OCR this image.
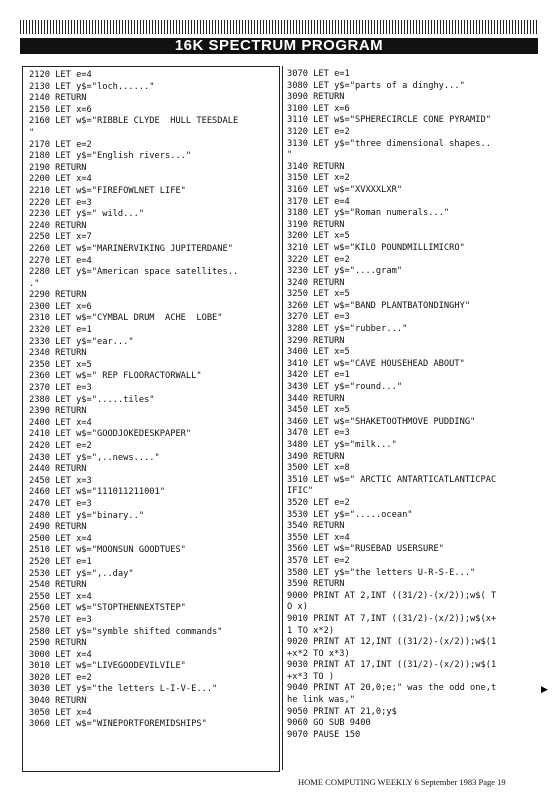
16K SPECTRUM PROGRAM
2120 LET e=4
2130 LET y$="loch......"
2140 RETURN
2150 LET x=6
2160 LET w$="RIBBLE CLYDE  HULL TEESDALE
"
2170 LET e=2
2180 LET y$="English rivers..."
2190 RETURN
2200 LET x=4
2210 LET w$="FIREFOWLNET LIFE"
2220 LET e=3
2230 LET y$=" wild..."
2240 RETURN
2250 LET x=7
2260 LET w$="MARINERVIKING JUPITERDANE"
2270 LET e=4
2280 LET y$="American space satellites..
."
2290 RETURN
2300 LET x=6
2310 LET w$="CYMBAL DRUM  ACHE  LOBE"
2320 LET e=1
2330 LET y$="ear..."
2340 RETURN
2350 LET x=5
2360 LET w$=" REP FLOORACTORWALL"
2370 LET e=3
2380 LET y$=".....tiles"
2390 RETURN
2400 LET x=4
2410 LET w$="GOODJOKEDESKPAPER"
2420 LET e=2
2430 LET y$=",..news...."
2440 RETURN
2450 LET x=3
2460 LET w$="111011211001"
2470 LET e=3
2480 LET y$="binary.."
2490 RETURN
2500 LET x=4
2510 LET w$="MOONSUN GOODTUES"
2520 LET e=1
2530 LET y$=",..day"
2540 RETURN
2550 LET x=4
2560 LET w$="STOPTHENNEXTSTEP"
2570 LET e=3
2580 LET y$="symble shifted commands"
2590 RETURN
3000 LET x=4
3010 LET w$="LIVEGOODEVILVILE"
3020 LET e=2
3030 LET y$="the letters L-I-V-E..."
3040 RETURN
3050 LET x=4
3060 LET w$="WINEPORTFOREMIDSHIPS"
3070 LET e=1
3080 LET y$="parts of a dinghy..."
3090 RETURN
3100 LET x=6
3110 LET w$="SPHERECIRCLE CONE PYRAMID"
3120 LET e=2
3130 LET y$="three dimensional shapes..
"
3140 RETURN
3150 LET x=2
3160 LET w$="XVXXXLXR"
3170 LET e=4
3180 LET y$="Roman numerals..."
3190 RETURN
3200 LET x=5
3210 LET w$="KILO POUNDMILLIMICRO"
3220 LET e=2
3230 LET y$="....gram"
3240 RETURN
3250 LET x=5
3260 LET w$="BAND PLANTBATONDINGHY"
3270 LET e=3
3280 LET y$="rubber..."
3290 RETURN
3400 LET x=5
3410 LET w$="CAVE HOUSEHEAD ABOUT"
3420 LET e=1
3430 LET y$="round..."
3440 RETURN
3450 LET x=5
3460 LET w$="SHAKETOOTHMOVE PUDDING"
3470 LET e=3
3480 LET y$="milk..."
3490 RETURN
3500 LET x=8
3510 LET w$=" ARCTIC ANTARTICATLANTICPAC
IFIC"
3520 LET e=2
3530 LET y$=".....ocean"
3540 RETURN
3550 LET x=4
3560 LET w$="RUSEBAD USERSURE"
3570 LET e=2
3580 LET y$="the letters U-R-S-E..."
3590 RETURN
9000 PRINT AT 2,INT ((31/2)-(x/2));w$( T
O x)
9010 PRINT AT 7,INT ((31/2)-(x/2));w$(x+
1 TO x*2)
9020 PRINT AT 12,INT ((31/2)-(x/2));w$(1
+x*2 TO x*3)
9030 PRINT AT 17,INT ((31/2)-(x/2));w$(1
+x*3 TO )
9040 PRINT AT 20,0;e;" was the odd one,t
he link was,"
9050 PRINT AT 21,0;y$
9060 GO SUB 9400
9070 PAUSE 150
▶
HOME COMPUTING WEEKLY 6 September 1983 Page 19
